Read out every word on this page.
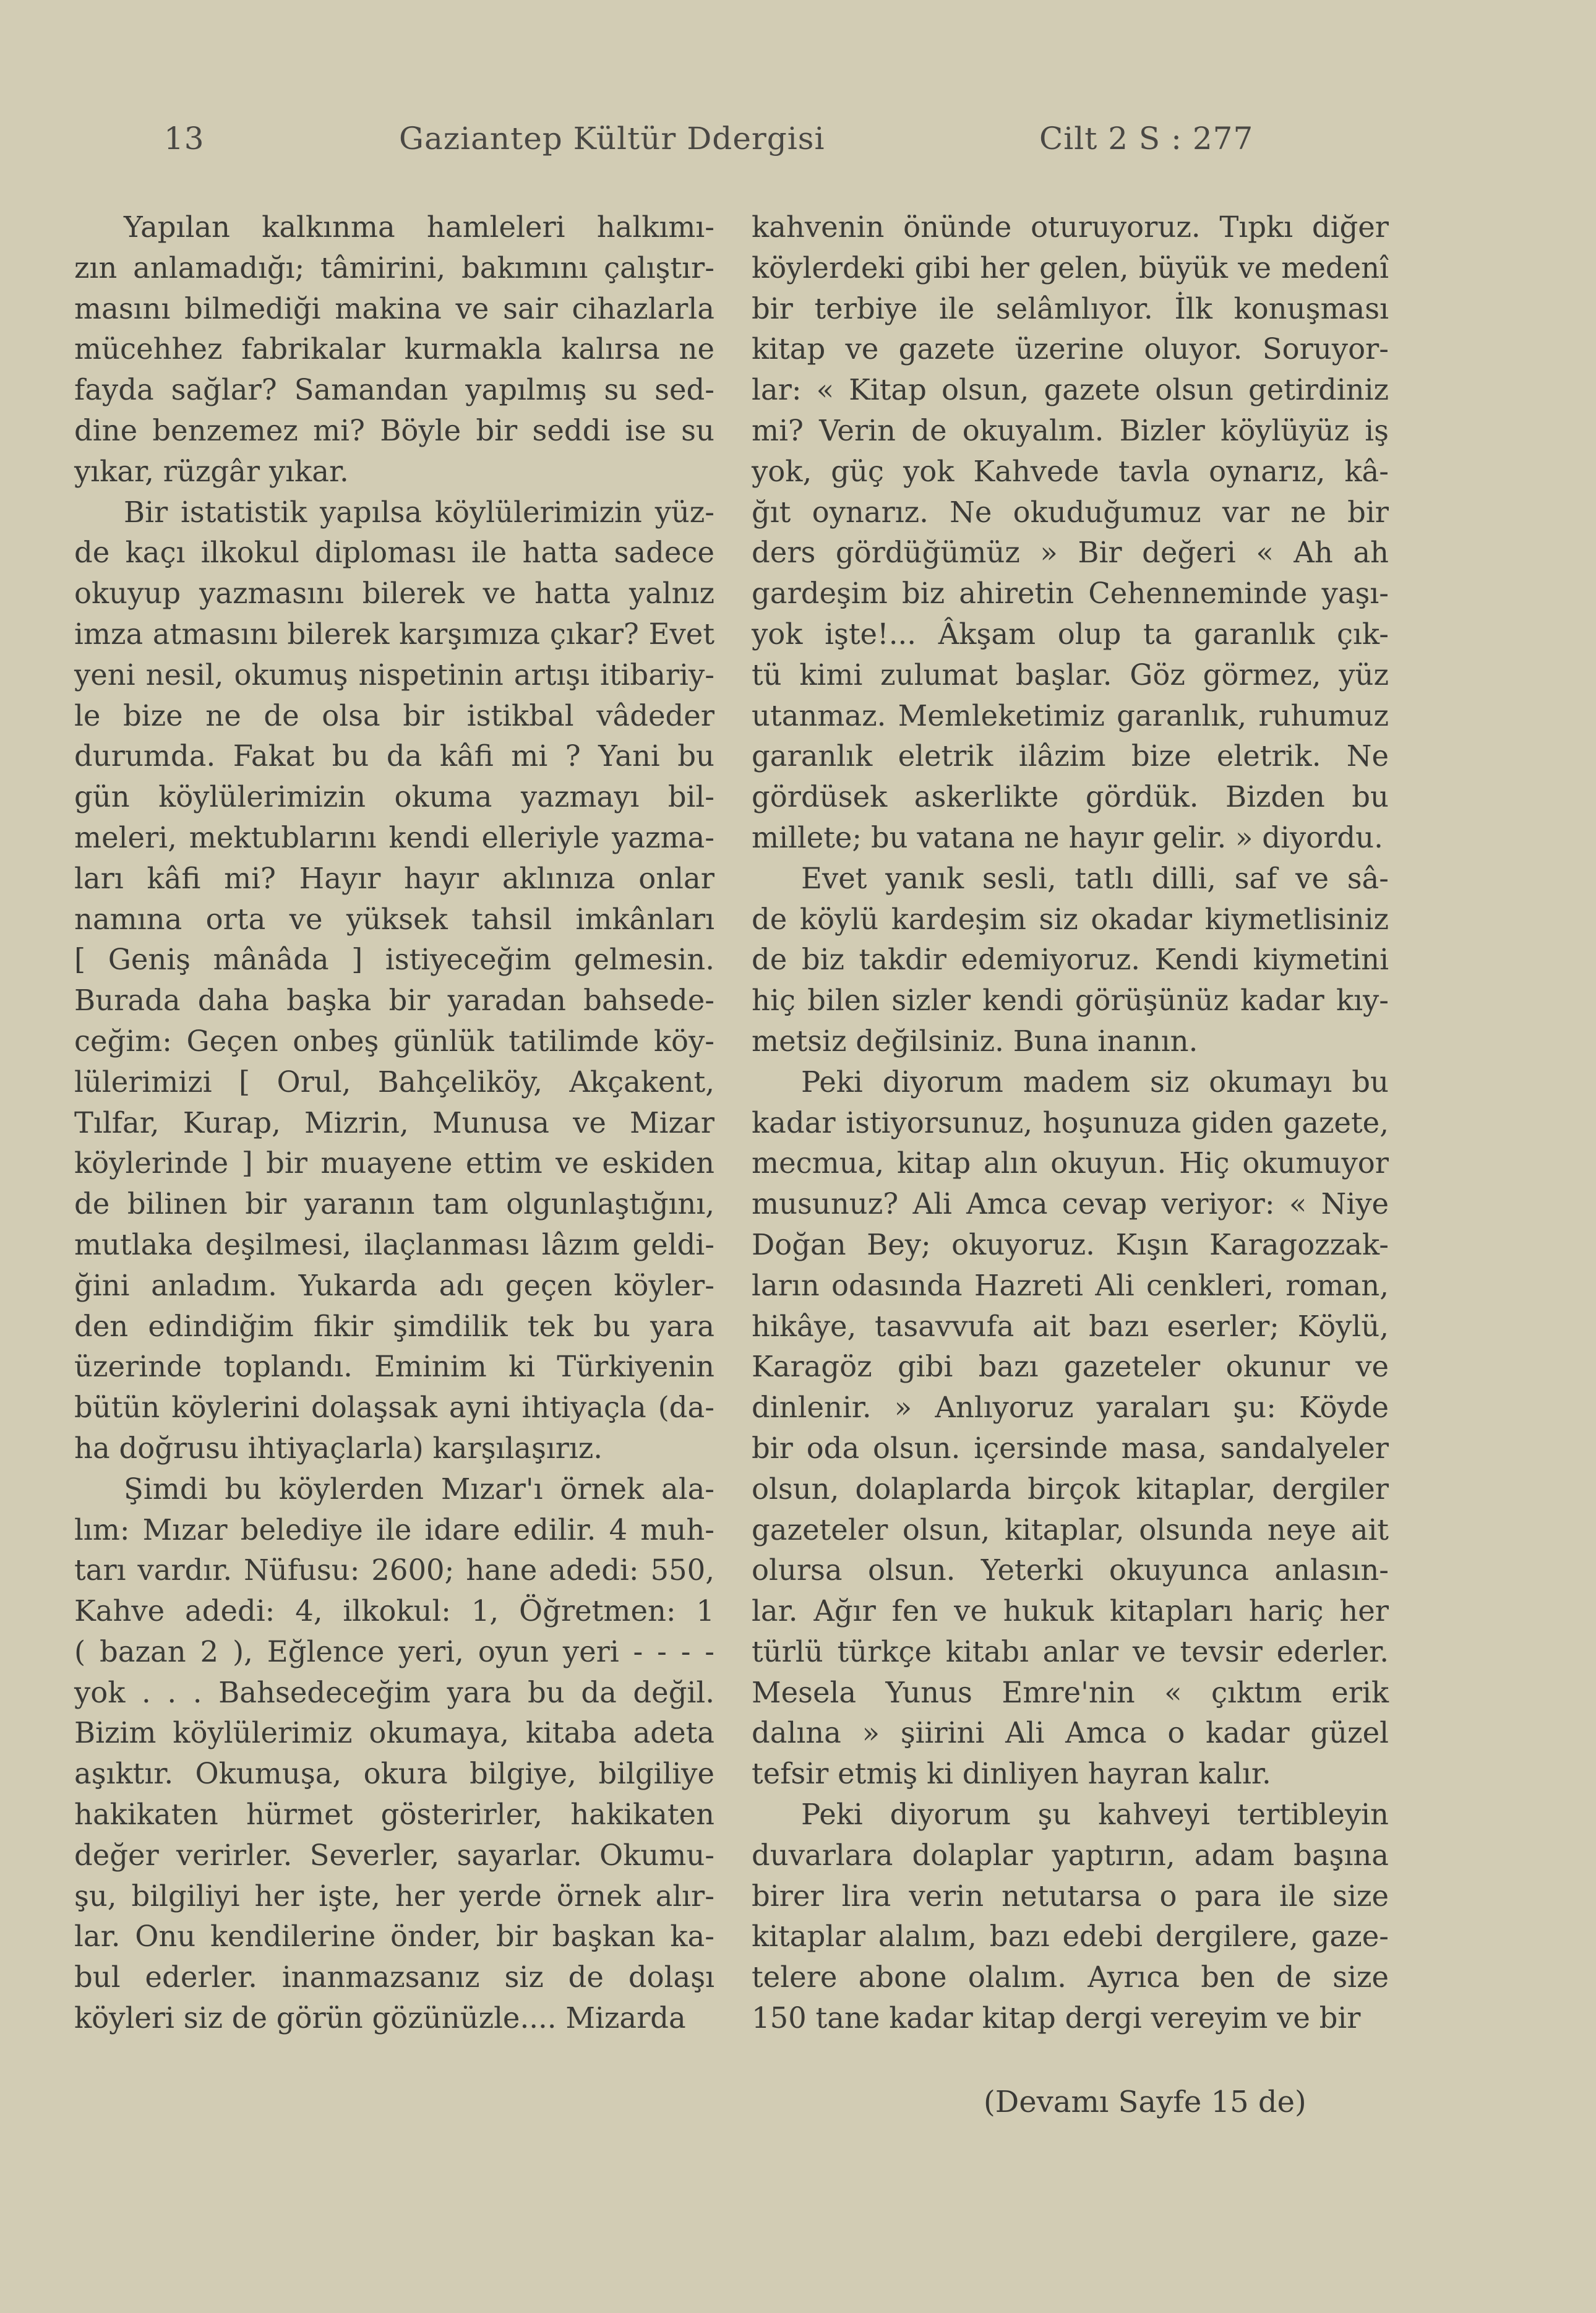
13	Gaziantep Kültür Ddergisi	Cilt 2 S : 277
Yapılan kalkınma hamleleri halkımı-
zın anlamadığı; tâmirini, bakımını çalıştır-
masını bilmediği makina ve sair cihazlarla
mücehhez fabrikalar kurmakla kalırsa ne
fayda sağlar? Samandan yapılmış su sed-
dine benzemez mi? Böyle bir seddi ise su
yıkar, rüzgâr yıkar.
Bir istatistik yapılsa köylülerimizin yüz-
de kaçı ilkokul diploması ile hatta sadece
okuyup yazmasını bilerek ve hatta yalnız
imza atmasını bilerek karşımıza çıkar? Evet
yeni nesil, okumuş nispetinin artışı itibariy-
le bize ne de olsa bir istikbal vâdeder
durumda. Fakat bu da kâfi mi ? Yani bu
gün köylülerimizin okuma yazmayı bil-
meleri, mektublarını kendi elleriyle yazma-
ları kâfi mi? Hayır hayır aklınıza onlar
namına orta ve yüksek tahsil imkânları
[ Geniş mânâda ] istiyeceğim gelmesin.
Burada daha başka bir yaradan bahsede-
ceğim: Geçen onbeş günlük tatilimde köy-
lülerimizi [ Orul, Bahçeliköy, Akçakent,
Tılfar, Kurap, Mizrin, Munusa ve Mizar
köylerinde ] bir muayene ettim ve eskiden
de bilinen bir yaranın tam olgunlaştığını,
mutlaka deşilmesi, ilaçlanması lâzım geldi-
ğini anladım. Yukarda adı geçen köyler-
den edindiğim fikir şimdilik tek bu yara
üzerinde toplandı. Eminim ki Türkiyenin
bütün köylerini dolaşsak ayni ihtiyaçla (da-
ha doğrusu ihtiyaçlarla) karşılaşırız.
Şimdi bu köylerden Mızar'ı örnek ala-
lım: Mızar belediye ile idare edilir. 4 muh-
tarı vardır. Nüfusu: 2600; hane adedi: 550,
Kahve adedi: 4, ilkokul: 1, Öğretmen: 1
( bazan 2 ), Eğlence yeri, oyun yeri - - - -
yok . . . Bahsedeceğim yara bu da değil.
Bizim köylülerimiz okumaya, kitaba adeta
aşıktır. Okumuşa, okura bilgiye, bilgiliye
hakikaten hürmet gösterirler, hakikaten
değer verirler. Severler, sayarlar. Okumu-
şu, bilgiliyi her işte, her yerde örnek alır-
lar. Onu kendilerine önder, bir başkan ka-
bul ederler. inanmazsanız siz de dolaşı
köyleri siz de görün gözünüzle.... Mizarda
kahvenin önünde oturuyoruz. Tıpkı diğer
köylerdeki gibi her gelen, büyük ve medenî
bir terbiye ile selâmlıyor. İlk konuşması
kitap ve gazete üzerine oluyor. Soruyor-
lar: « Kitap olsun, gazete olsun getirdiniz
mi? Verin de okuyalım. Bizler köylüyüz iş
yok, güç yok Kahvede tavla oynarız, kâ-
ğıt oynarız. Ne okuduğumuz var ne bir
ders gördüğümüz » Bir değeri « Ah ah
gardeşim biz ahiretin Cehenneminde yaşı-
yok işte!... Âkşam olup ta garanlık çık-
tü kimi zulumat başlar. Göz görmez, yüz
utanmaz. Memleketimiz garanlık, ruhumuz
garanlık eletrik ilâzim bize eletrik. Ne
gördüsek askerlikte gördük. Bizden bu
millete; bu vatana ne hayır gelir. » diyordu.
Evet yanık sesli, tatlı dilli, saf ve sâ-
de köylü kardeşim siz okadar kiymetlisiniz
de biz takdir edemiyoruz. Kendi kiymetini
hiç bilen sizler kendi görüşünüz kadar kıy-
metsiz değilsiniz. Buna inanın.
Peki diyorum madem siz okumayı bu
kadar istiyorsunuz, hoşunuza giden gazete,
mecmua, kitap alın okuyun. Hiç okumuyor
musunuz? Ali Amca cevap veriyor: « Niye
Doğan Bey; okuyoruz. Kışın Karagozzak-
ların odasında Hazreti Ali cenkleri, roman,
hikâye, tasavvufa ait bazı eserler; Köylü,
Karagöz gibi bazı gazeteler okunur ve
dinlenir. » Anlıyoruz yaraları şu: Köyde
bir oda olsun. içersinde masa, sandalyeler
olsun, dolaplarda birçok kitaplar, dergiler
gazeteler olsun, kitaplar, olsunda neye ait
olursa olsun. Yeterki okuyunca anlasın-
lar. Ağır fen ve hukuk kitapları hariç her
türlü türkçe kitabı anlar ve tevsir ederler.
Mesela Yunus Emre'nin « çıktım erik
dalına » şiirini Ali Amca o kadar güzel
tefsir etmiş ki dinliyen hayran kalır.
Peki diyorum şu kahveyi tertibleyin
duvarlara dolaplar yaptırın, adam başına
birer lira verin netutarsa o para ile size
kitaplar alalım, bazı edebi dergilere, gaze-
telere abone olalım. Ayrıca ben de size
150 tane kadar kitap dergi vereyim ve bir
(Devamı Sayfe 15 de)
